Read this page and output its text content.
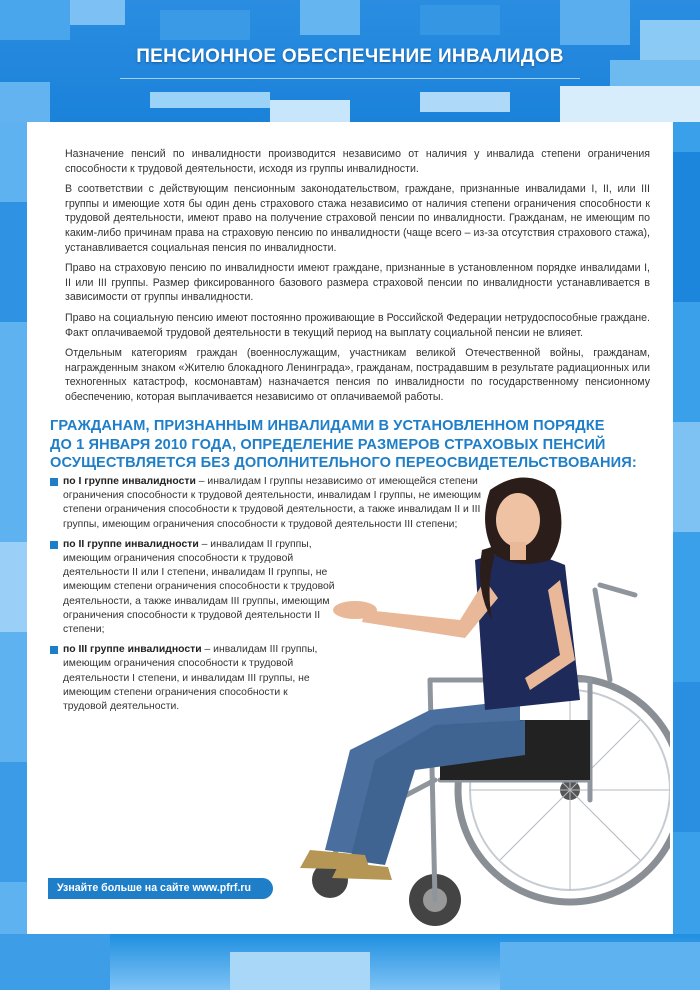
ПЕНСИОННОЕ ОБЕСПЕЧЕНИЕ ИНВАЛИДОВ

Назначение пенсий по инвалидности производится независимо от наличия у инвалида степени ограничения способности к трудовой деятельности, исходя из группы инвалидности.

В соответствии с действующим пенсионным законодательством, граждане, признанные инвалидами I, II, или III группы и имеющие хотя бы один день страхового стажа независимо от наличия степени ограничения способности к трудовой деятельности, имеют право на получение страховой пенсии по инвалидности. Гражданам, не имеющим по каким-либо причинам права на страховую пенсию по инвалидности (чаще всего – из-за отсутствия страхового стажа), устанавливается социальная пенсия по инвалидности.

Право на страховую пенсию по инвалидности имеют граждане, признанные в установленном порядке инвалидами I, II или III группы. Размер фиксированного базового размера страховой пенсии по инвалидности устанавливается в зависимости от группы инвалидности.

Право на социальную пенсию имеют постоянно проживающие в Российской Федерации нетрудоспособные граждане. Факт оплачиваемой трудовой деятельности в текущий период на выплату социальной пенсии не влияет.

Отдельным категориям граждан (военнослужащим, участникам великой Отечественной войны, гражданам, награжденным знаком «Жителю блокадного Ленинграда», гражданам, пострадавшим в результате радиационных или техногенных катастроф, космонавтам) назначается пенсия по инвалидности по государственному пенсионному обеспечению, которая выплачивается независимо от оплачиваемой работы.

ГРАЖДАНАМ, ПРИЗНАННЫМ ИНВАЛИДАМИ В УСТАНОВЛЕННОМ ПОРЯДКЕ
ДО 1 ЯНВАРЯ 2010 ГОДА, ОПРЕДЕЛЕНИЕ РАЗМЕРОВ СТРАХОВЫХ ПЕНСИЙ
ОСУЩЕСТВЛЯЕТСЯ БЕЗ ДОПОЛНИТЕЛЬНОГО ПЕРЕОСВИДЕТЕЛЬСТВОВАНИЯ:
по I группе инвалидности – инвалидам I группы независимо от имеющейся степени ограничения способности к трудовой деятельности, инвалидам I группы, не имеющим степени ограничения способности к трудовой деятельности, а также инвалидам II и III группы, имеющим ограничения способности к трудовой деятельности III степени;
по II группе инвалидности – инвалидам II группы, имеющим ограничения способности к трудовой деятельности II или I степени, инвалидам II группы, не имеющим степени ограничения способности к трудовой деятельности, а также инвалидам III группы, имеющим ограничения способности к трудовой деятельности II степени;
по III группе инвалидности – инвалидам III группы, имеющим ограничения способности к трудовой деятельности I степени, и инвалидам III группы, не имеющим степени ограничения способности к трудовой деятельности.
Узнайте больше на сайте www.pfrf.ru
